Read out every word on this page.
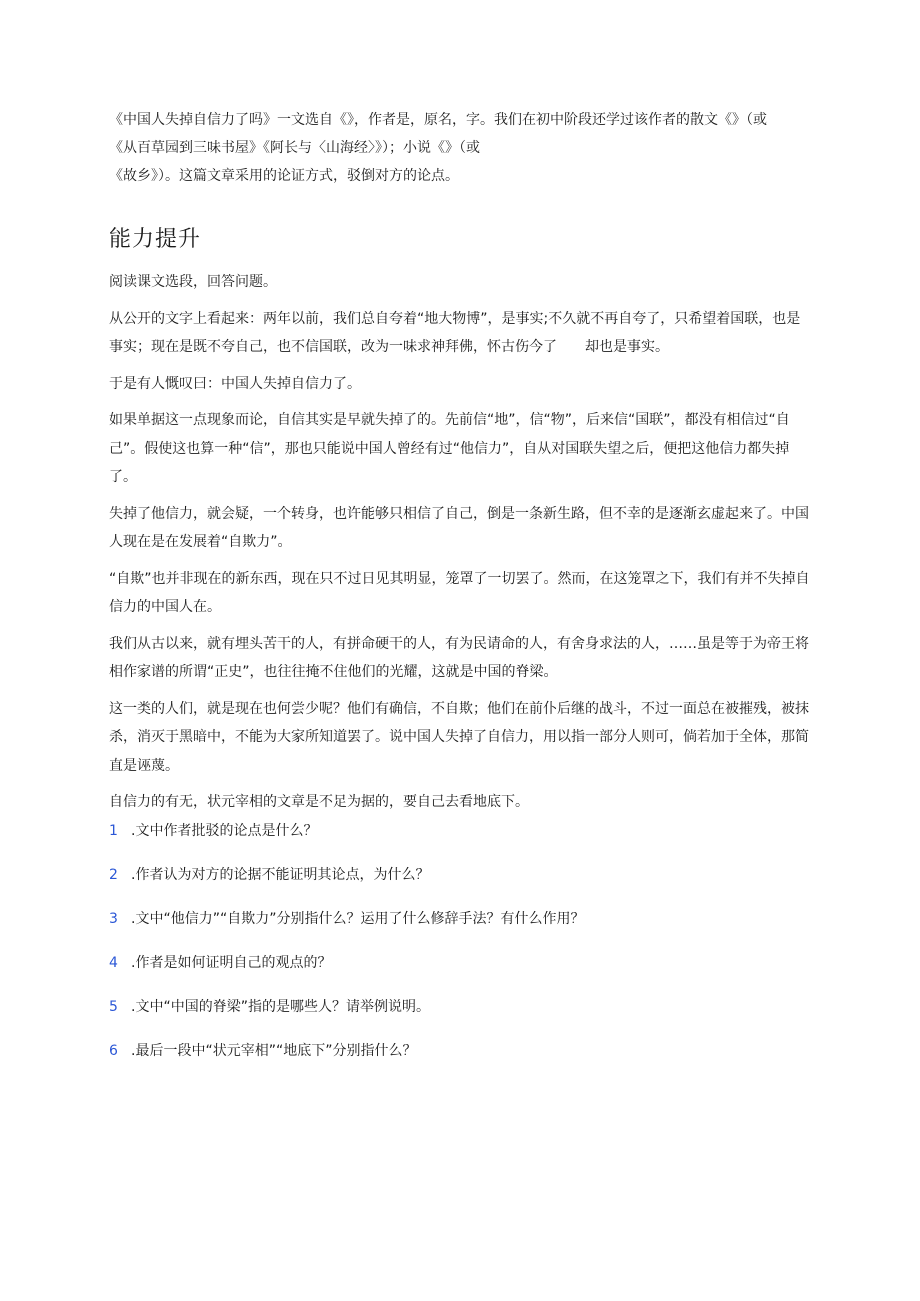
《中国人失掉自信力了吗》一文选自《》，作者是，原名，字。我们在初中阶段还学过该作者的散文《》（或

《从百草园到三味书屋》《阿长与〈山海经〉》）；小说《》（或

《故乡》）。这篇文章采用的论证方式，驳倒对方的论点。

能力提升

阅读课文选段，回答问题。

从公开的文字上看起来：两年以前，我们总自夸着“地大物博”，是事实;不久就不再自夸了，只希望着国联，也是事实；现在是既不夸自己，也不信国联，改为一味求神拜佛，怀古伤今了　　却也是事实。

于是有人慨叹曰：中国人失掉自信力了。

如果单据这一点现象而论，自信其实是早就失掉了的。先前信“地”，信“物”，后来信“国联”，都没有相信过“自己”。假使这也算一种“信”，那也只能说中国人曾经有过“他信力”，自从对国联失望之后，便把这他信力都失掉了。

失掉了他信力，就会疑，一个转身，也许能够只相信了自己，倒是一条新生路，但不幸的是逐渐玄虚起来了。中国人现在是在发展着“自欺力”。

“自欺”也并非现在的新东西，现在只不过日见其明显，笼罩了一切罢了。然而，在这笼罩之下，我们有并不失掉自信力的中国人在。

我们从古以来，就有埋头苦干的人，有拼命硬干的人，有为民请命的人，有舍身求法的人，……虽是等于为帝王将相作家谱的所谓“正史”，也往往掩不住他们的光耀，这就是中国的脊梁。

这一类的人们，就是现在也何尝少呢？他们有确信，不自欺；他们在前仆后继的战斗，不过一面总在被摧残，被抹杀，消灭于黑暗中，不能为大家所知道罢了。说中国人失掉了自信力，用以指一部分人则可，倘若加于全体，那简直是诬蔑。

自信力的有无，状元宰相的文章是不足为据的，要自己去看地底下。

1 .文中作者批驳的论点是什么？
2 .作者认为对方的论据不能证明其论点，为什么？
3 .文中“他信力”“自欺力”分别指什么？运用了什么修辞手法？有什么作用？
4 .作者是如何证明自己的观点的？
5 .文中“中国的脊梁”指的是哪些人？请举例说明。
6 .最后一段中“状元宰相”“地底下”分别指什么？
